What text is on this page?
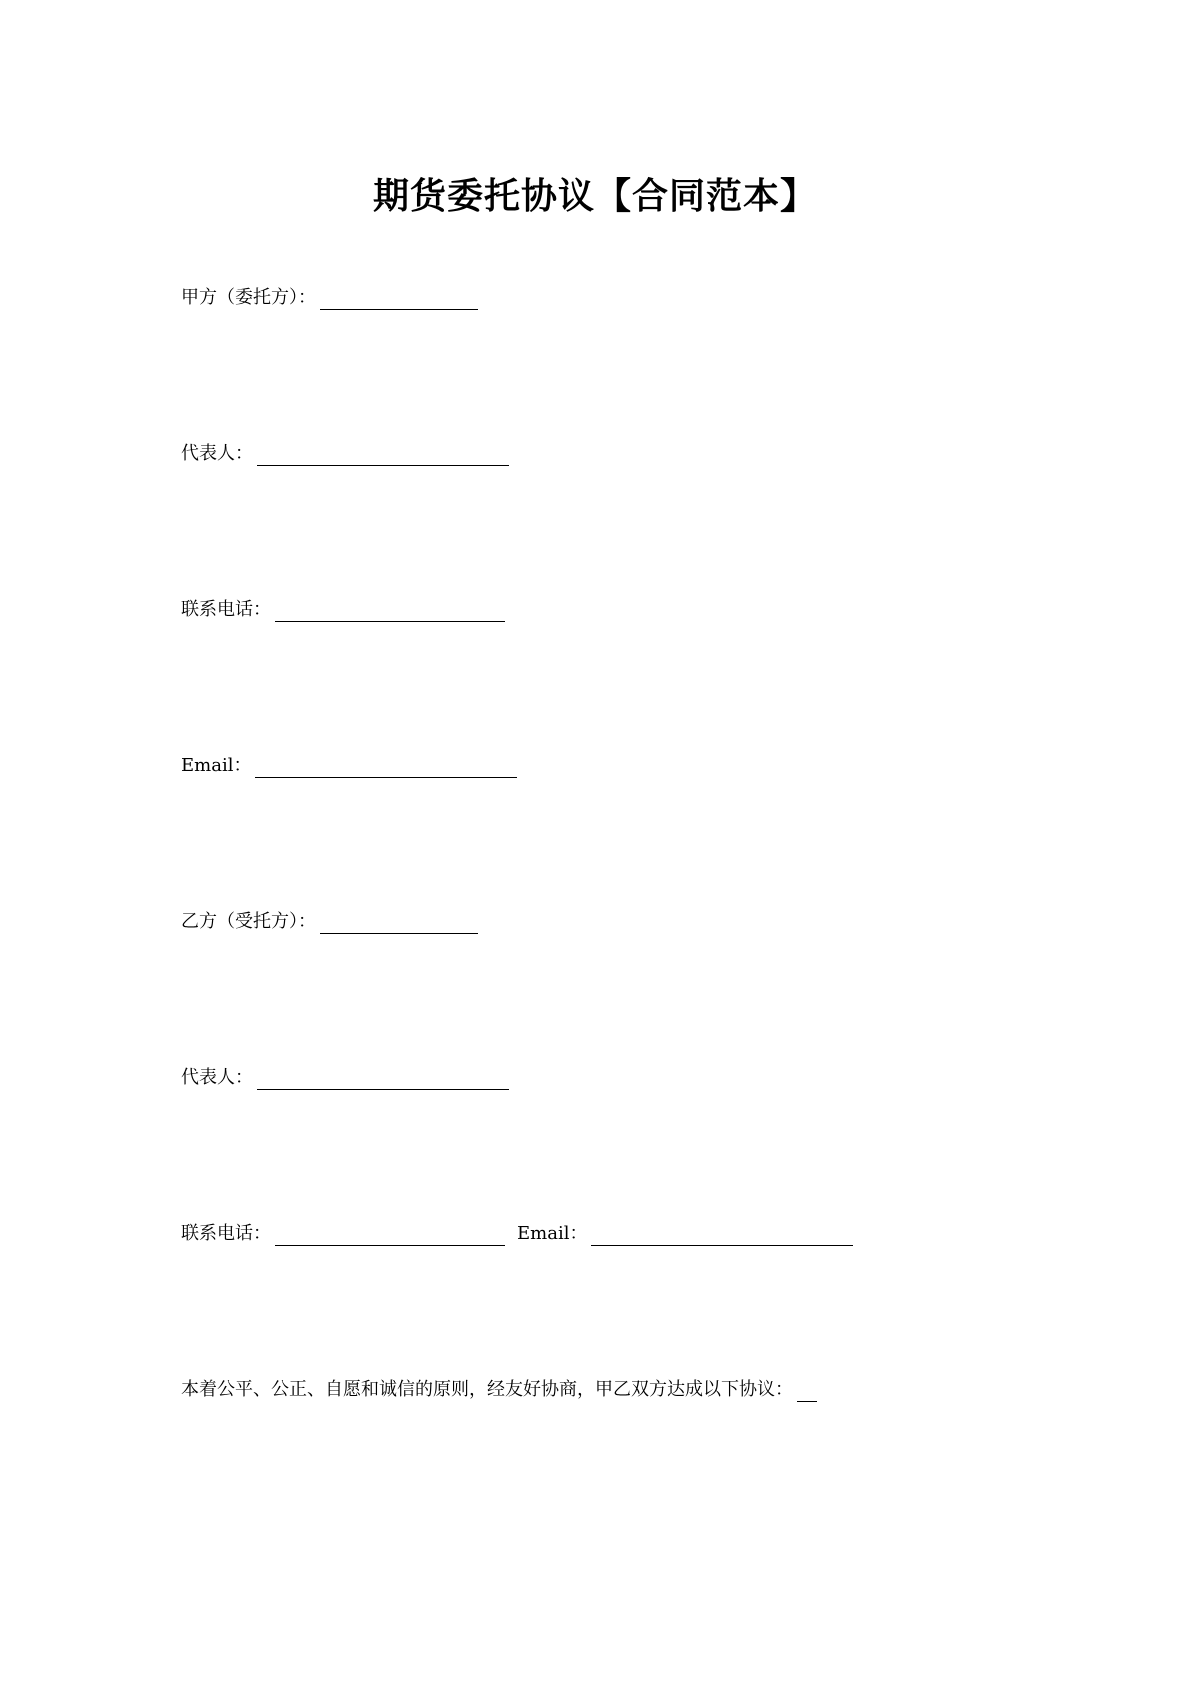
期货委托协议【合同范本】
甲方（委托方）：
代表人：
联系电话：
Email：
乙方（受托方）：
代表人：
联系电话：	Email：
本着公平、公正、自愿和诚信的原则，经友好协商，甲乙双方达成以下协议：
